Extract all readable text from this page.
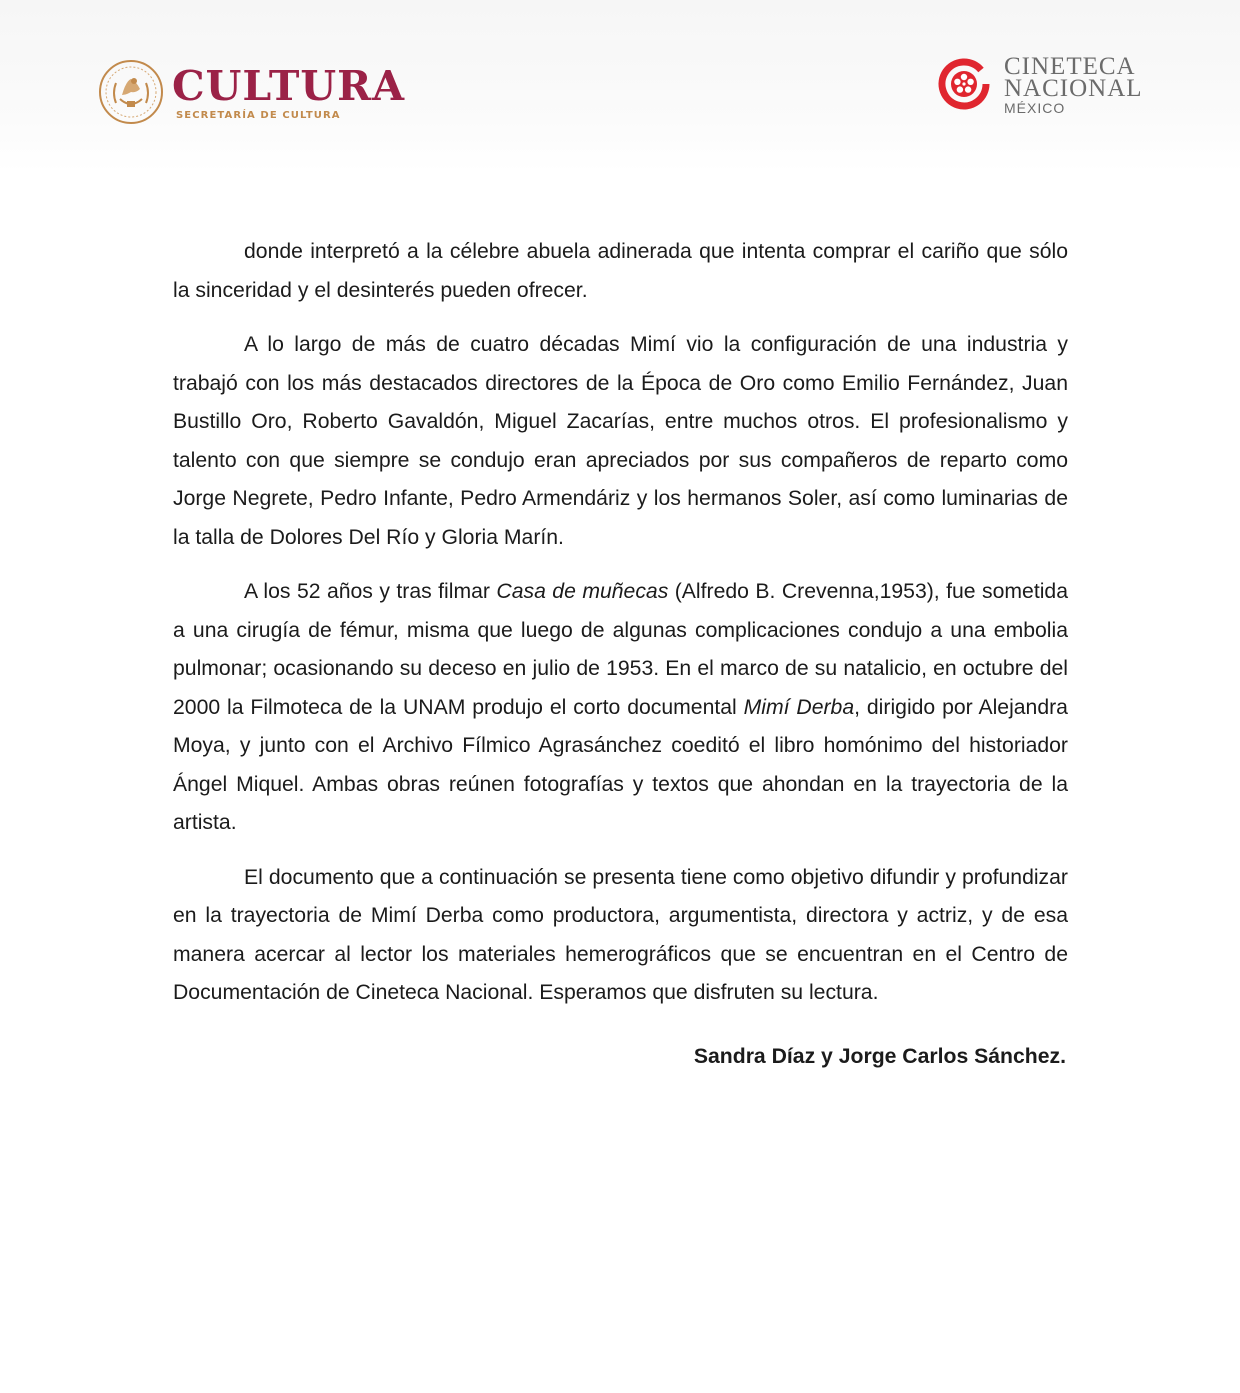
CULTURA
SECRETARÍA DE CULTURA
CINETECA
NACIONAL
MÉXICO

donde interpretó a la célebre abuela adinerada que intenta comprar el cariño que sólo la sinceridad y el desinterés pueden ofrecer.

A lo largo de más de cuatro décadas Mimí vio la configuración de una industria y trabajó con los más destacados directores de la Época de Oro como Emilio Fernández, Juan Bustillo Oro, Roberto Gavaldón, Miguel Zacarías, entre muchos otros. El profesionalismo y talento con que siempre se condujo eran apreciados por sus compañeros de reparto como Jorge Negrete, Pedro Infante, Pedro Armendáriz y los hermanos Soler, así como luminarias de la talla de Dolores Del Río y Gloria Marín.

A los 52 años y tras filmar Casa de muñecas (Alfredo B. Crevenna,1953), fue sometida a una cirugía de fémur, misma que luego de algunas complicaciones condujo a una embolia pulmonar; ocasionando su deceso en julio de 1953. En el marco de su natalicio, en octubre del 2000 la Filmoteca de la UNAM produjo el corto documental Mimí Derba, dirigido por Alejandra Moya, y junto con el Archivo Fílmico Agrasánchez coeditó el libro homónimo del historiador Ángel Miquel. Ambas obras reúnen fotografías y textos que ahondan en la trayectoria de la artista.

El documento que a continuación se presenta tiene como objetivo difundir y profundizar en la trayectoria de Mimí Derba como productora, argumentista, directora y actriz, y de esa manera acercar al lector los materiales hemerográficos que se encuentran en el Centro de Documentación de Cineteca Nacional. Esperamos que disfruten su lectura.

Sandra Díaz y Jorge Carlos Sánchez.
